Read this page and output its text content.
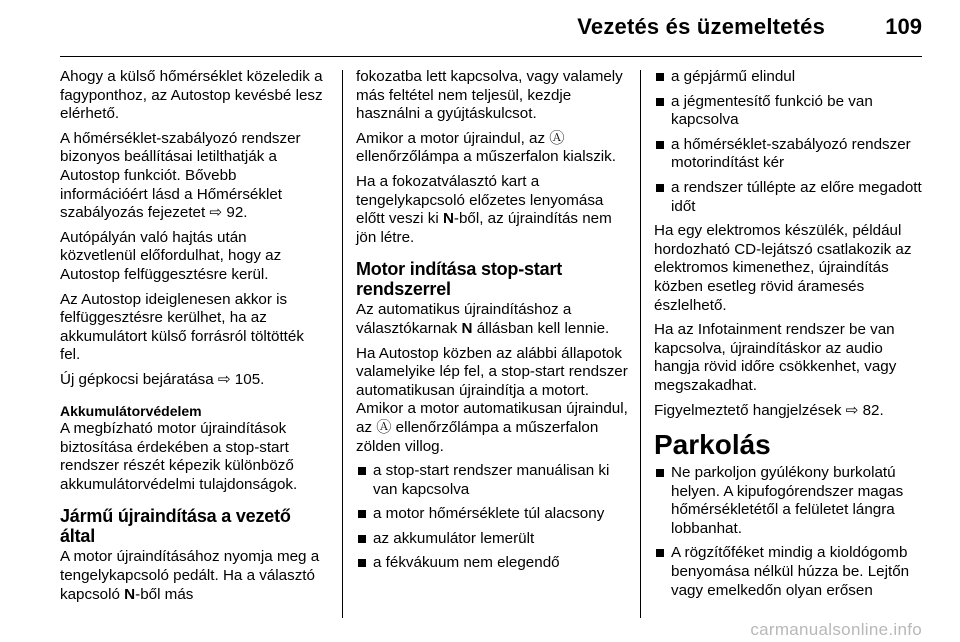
Vezetés és üzemeltetés	109

Ahogy a külső hőmérséklet közeledik a fagyponthoz, az Autostop kevésbé lesz elérhető.

A hőmérséklet-szabályozó rendszer bizonyos beállításai letilthatják a Autostop funkciót. Bővebb információért lásd a Hőmérséklet szabályozás fejezetet ⇨ 92.

Autópályán való hajtás után közvetlenül előfordulhat, hogy az Autostop felfüggesztésre kerül.

Az Autostop ideiglenesen akkor is felfüggesztésre kerülhet, ha az akkumulátort külső forrásról töltötték fel.

Új gépkocsi bejáratása ⇨ 105.

Akkumulátorvédelem

A megbízható motor újraindítások biztosítása érdekében a stop-start rendszer részét képezik különböző akkumulátorvédelmi tulajdonságok.

Jármű újraindítása a vezető által

A motor újraindításához nyomja meg a tengelykapcsoló pedált. Ha a választó kapcsoló N-ből más

fokozatba lett kapcsolva, vagy valamely más feltétel nem teljesül, kezdje használni a gyújtáskulcsot.

Amikor a motor újraindul, az Ⓐ ellenőrzőlámpa a műszerfalon kialszik.

Ha a fokozatválasztó kart a tengelykapcsoló előzetes lenyomása előtt veszi ki N-ből, az újraindítás nem jön létre.

Motor indítása stop-start rendszerrel

Az automatikus újraindításhoz a választókarnak N állásban kell lennie.

Ha Autostop közben az alábbi állapotok valamelyike lép fel, a stop-start rendszer automatikusan újraindítja a motort. Amikor a motor automatikusan újraindul, az Ⓐ ellenőrzőlámpa a műszerfalon zölden villog.

a stop-start rendszer manuálisan ki van kapcsolva
a motor hőmérséklete túl alacsony
az akkumulátor lemerült
a fékvákuum nem elegendő
a gépjármű elindul
a jégmentesítő funkció be van kapcsolva
a hőmérséklet-szabályozó rendszer motorindítást kér
a rendszer túllépte az előre megadott időt

Ha egy elektromos készülék, például hordozható CD-lejátszó csatlakozik az elektromos kimenethez, újraindítás közben esetleg rövid áramesés észlelhető.

Ha az Infotainment rendszer be van kapcsolva, újraindításkor az audio hangja rövid időre csökkenhet, vagy megszakadhat.

Figyelmeztető hangjelzések ⇨ 82.

Parkolás
Ne parkoljon gyúlékony burkolatú helyen. A kipufogórendszer magas hőmérsékletétől a felületet lángra lobbanhat.
A rögzítőféket mindig a kioldógomb benyomása nélkül húzza be. Lejtőn vagy emelkedőn olyan erősen
carmanualsonline.info
